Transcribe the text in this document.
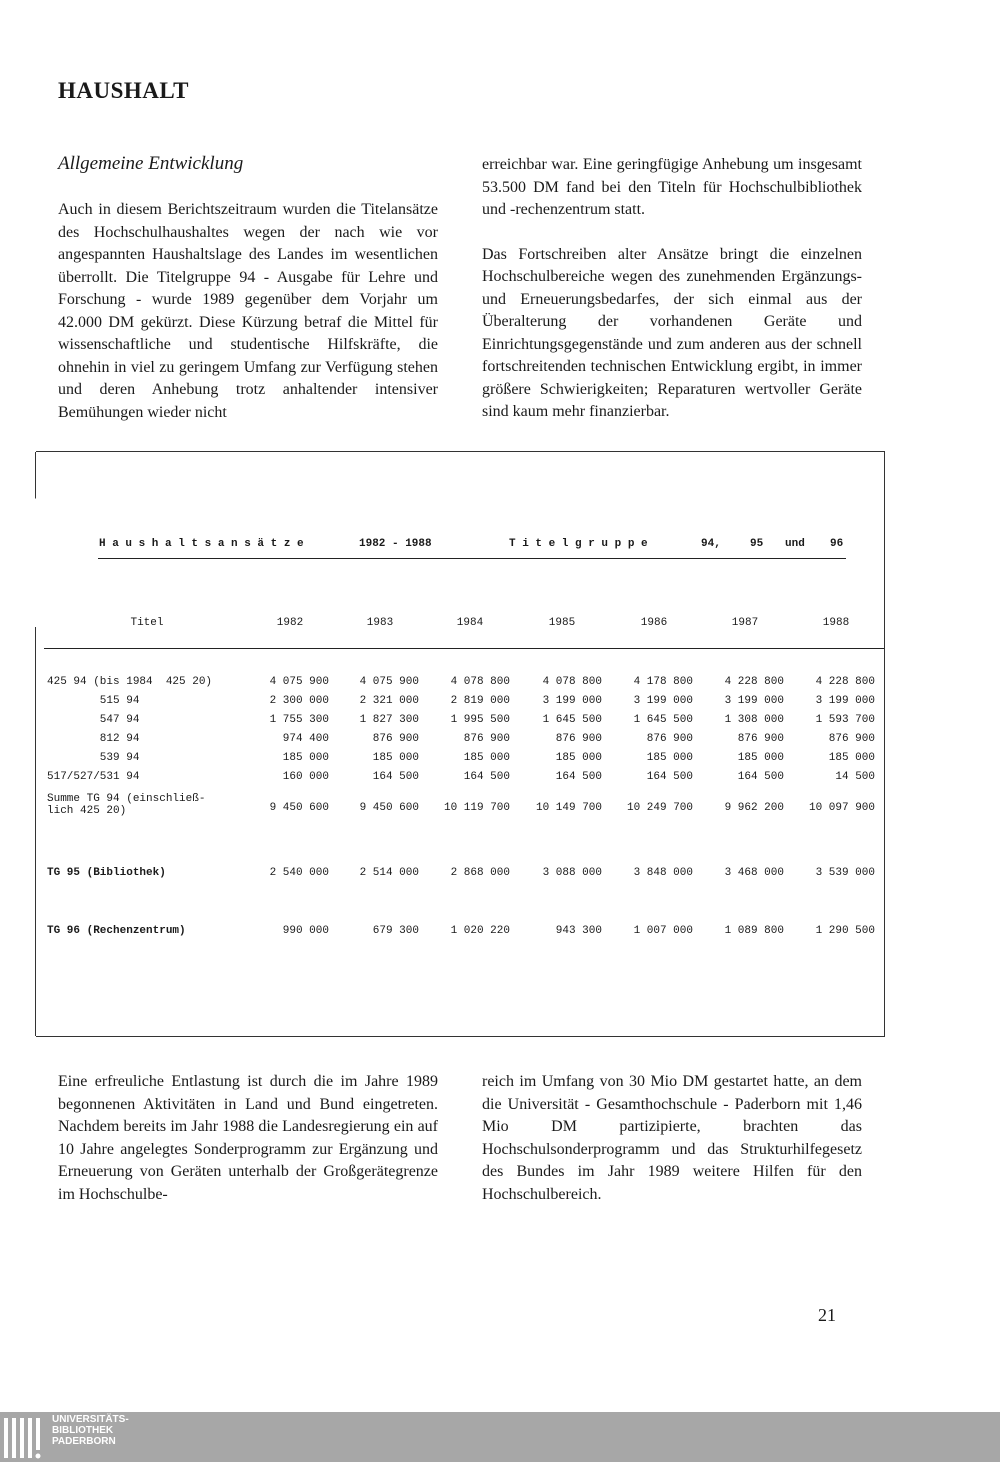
HAUSHALT
Allgemeine Entwicklung

Auch in diesem Berichtszeitraum wurden die Titelansätze des Hochschulhaushaltes wegen der nach wie vor angespannten Haushaltslage des Landes im wesentlichen überrollt. Die Titelgruppe 94 - Ausgabe für Lehre und Forschung - wurde 1989 gegenüber dem Vorjahr um 42.000 DM gekürzt. Diese Kürzung betraf die Mittel für wissenschaftliche und studentische Hilfskräfte, die ohnehin in viel zu geringem Umfang zur Verfügung stehen und deren Anhebung trotz anhaltender intensiver Bemühungen wieder nicht

erreichbar war. Eine geringfügige Anhebung um insgesamt 53.500 DM fand bei den Titeln für Hochschulbibliothek und -rechenzentrum statt.

Das Fortschreiben alter Ansätze bringt die einzelnen Hochschulbereiche wegen des zunehmenden Ergänzungs- und Erneuerungsbedarfes, der sich einmal aus der Überalterung der vorhandenen Geräte und Einrichtungsgegenstände und zum anderen aus der schnell fortschreitenden technischen Entwicklung ergibt, in immer größere Schwierigkeiten; Reparaturen wertvoller Geräte sind kaum mehr finanzierbar.

H a u s h a l t s a n s ä t z e	1982 - 1988	T i t e l g r u p p e	94,	95 und 96
Titel	1982	1983	1984	1985	1986	1987	1988
425 94 (bis 1984  425 20)	4 075 900	4 075 900	4 078 800	4 078 800	4 178 800	4 228 800	4 228 800
515 94	2 300 000	2 321 000	2 819 000	3 199 000	3 199 000	3 199 000	3 199 000
547 94	1 755 300	1 827 300	1 995 500	1 645 500	1 645 500	1 308 000	1 593 700
812 94	974 400	876 900	876 900	876 900	876 900	876 900	876 900
539 94	185 000	185 000	185 000	185 000	185 000	185 000	185 000
517/527/531 94	160 000	164 500	164 500	164 500	164 500	164 500	14 500
Summe TG 94 (einschließ-
lich 425 20)	9 450 600	9 450 600	10 119 700	10 149 700	10 249 700	9 962 200	10 097 900
TG 95 (Bibliothek)	2 540 000	2 514 000	2 868 000	3 088 000	3 848 000	3 468 000	3 539 000
TG 96 (Rechenzentrum)	990 000	679 300	1 020 220	943 300	1 007 000	1 089 800	1 290 500

Eine erfreuliche Entlastung ist durch die im Jahre 1989 begonnenen Aktivitäten in Land und Bund eingetreten. Nachdem bereits im Jahr 1988 die Landesregierung ein auf 10 Jahre angelegtes Sonderprogramm zur Ergänzung und Erneuerung von Geräten unterhalb der Großgerätegrenze im Hochschulbe-

reich im Umfang von 30 Mio DM gestartet hatte, an dem die Universität - Gesamthochschule - Paderborn mit 1,46 Mio DM partizipierte, brachten das Hochschulsonderprogramm und das Strukturhilfegesetz des Bundes im Jahr 1989 weitere Hilfen für den Hochschulbereich.

21
UNIVERSITÄTS-
BIBLIOTHEK
PADERBORN
